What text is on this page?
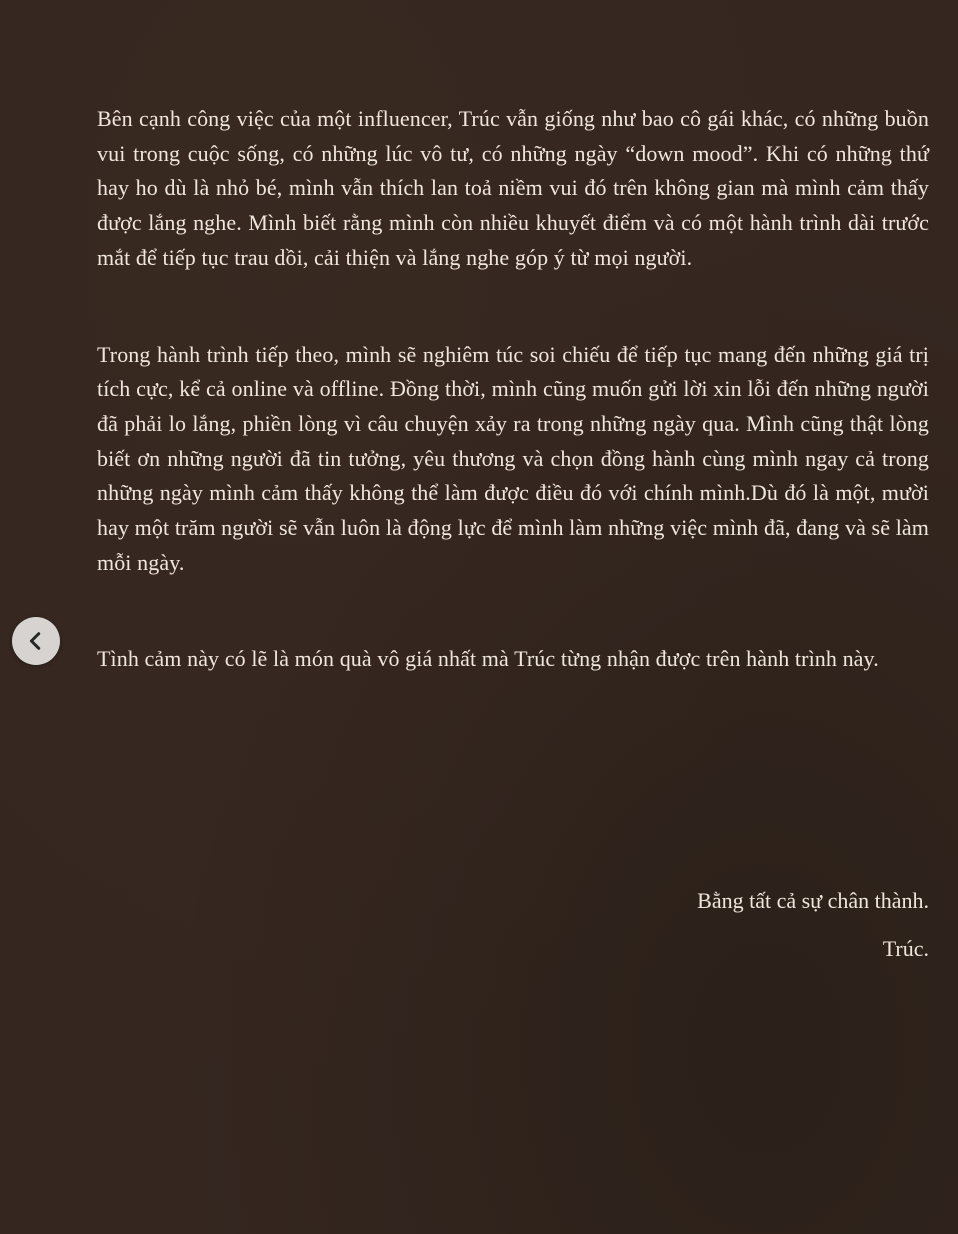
Bên cạnh công việc của một influencer, Trúc vẫn giống như bao cô gái khác, có những buồn vui trong cuộc sống, có những lúc vô tư, có những ngày “down mood”. Khi có những thứ hay ho dù là nhỏ bé, mình vẫn thích lan toả niềm vui đó trên không gian mà mình cảm thấy được lắng nghe. Mình biết rằng mình còn nhiều khuyết điểm và có một hành trình dài trước mắt để tiếp tục trau dồi, cải thiện và lắng nghe góp ý từ mọi người.

Trong hành trình tiếp theo, mình sẽ nghiêm túc soi chiếu để tiếp tục mang đến những giá trị tích cực, kể cả online và offline. Đồng thời, mình cũng muốn gửi lời xin lỗi đến những người đã phải lo lắng, phiền lòng vì câu chuyện xảy ra trong những ngày qua. Mình cũng thật lòng biết ơn những người đã tin tưởng, yêu thương và chọn đồng hành cùng mình ngay cả trong những ngày mình cảm thấy không thể làm được điều đó với chính mình.Dù đó là một, mười hay một trăm người sẽ vẫn luôn là động lực để mình làm những việc mình đã, đang và sẽ làm mỗi ngày.

Tình cảm này có lẽ là món quà vô giá nhất mà Trúc từng nhận được trên hành trình này.

Bằng tất cả sự chân thành.
Trúc.
